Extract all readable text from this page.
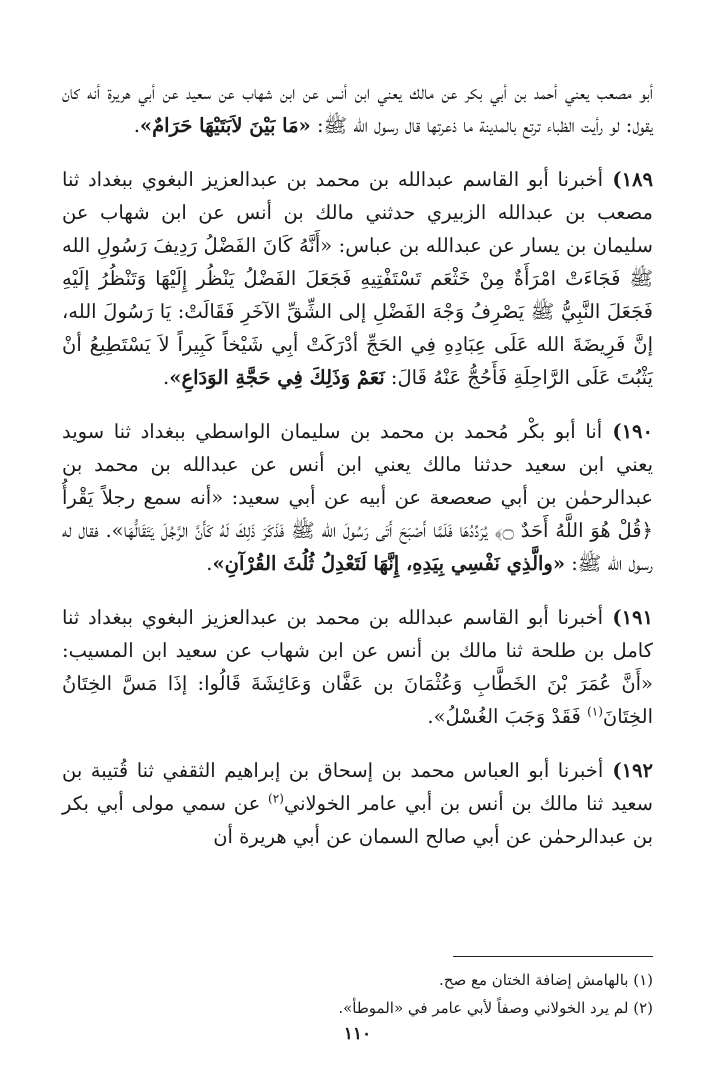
أبو مصعب يعني أحمد بن أبي بكر عن مالك يعني ابن أنس عن ابن شهاب عن سعيد عن أبي هريرة أنه كان يقول: لو رأيت الظباء ترتع بالمدينة ما ذعرتها قال رسول الله ﷺ: «مَا بَيْنَ لاَبَتَيْهَا حَرَامٌ».

١٨٩) أخبرنا أبو القاسم عبدالله بن محمد بن عبدالعزيز البغوي ببغداد ثنا مصعب بن عبدالله الزبيري حدثني مالك بن أنس عن ابن شهاب عن سليمان بن يسار عن عبدالله بن عباس: «أَنَّهُ كَانَ الفَضْلُ رَدِيفَ رَسُولِ الله ﷺ فَجَاءَتْ امْرَأَةٌ مِنْ خَثْعَم تَسْتَفْتِيهِ فَجَعَلَ الفَضْلُ يَنْظُر إِلَيْهَا وَتَنْظُرُ إلَيْهِ فَجَعَلَ النَّبِيُّ ﷺ يَصْرِفُ وَجْهَ الفَضْلِ إلى الشِّقِّ الآخَرِ فَقَالَتْ: يَا رَسُولَ الله، إنَّ فَرِيضَةَ الله عَلَى عِبَادِهِ فِي الحَجِّ أدْرَكَتْ أبِي شَيْخاً كَبِيراً لاَ يَسْتَطِيعُ أنْ يَثْبُتَ عَلَى الرَّاحِلَةِ فَأَحُجُّ عَنْهُ قَالَ: نَعَمْ وَذَلِكَ فِي حَجَّةِ الوَدَاعِ».

١٩٠) أنا أبو بكْر مُحمد بن محمد بن سليمان الواسطي ببغداد ثنا سويد يعني ابن سعيد حدثنا مالك يعني ابن أنس عن عبدالله بن محمد بن عبدالرحمٰن بن أبي صعصعة عن أبيه عن أبي سعيد: «أنه سمع رجلاً يَقْرأُ ﴿قُلْ هُوَ اللَّهُ أَحَدٌ ۝﴾ يُرَدِّدُهَا فَلَمَّا أَصْبَحَ أَتَى رَسُولَ الله ﷺ فَذَكَرَ ذَلِكَ لَهُ كَأَنَّ الرَّجُلَ يَتَقَالُّهَا». فقال له رسول الله ﷺ: «والَّذِي نَفْسِي بِيَدِهِ، إِنَّهَا لَتَعْدِلُ ثُلُثَ القُرْآنِ».

١٩١) أخبرنا أبو القاسم عبدالله بن محمد بن عبدالعزيز البغوي ببغداد ثنا كامل بن طلحة ثنا مالك بن أنس عن ابن شهاب عن سعيد ابن المسيب: «أَنَّ عُمَرَ بْنَ الخَطَّابِ وَعُثْمَانَ بن عَفَّان وَعَائِشَةَ قَالُوا: إذَا مَسَّ الخِتَانُ الخِتَانَ$^{(١)}$ فَقَدْ وَجَبَ الغُسْلُ».

١٩٢) أخبرنا أبو العباس محمد بن إسحاق بن إبراهيم الثقفي ثنا قُتيبة بن سعيد ثنا مالك بن أنس بن أبي عامر الخولاني$^{(٢)}$ عن سمي مولى أبي بكر بن عبدالرحمٰن عن أبي صالح السمان عن أبي هريرة أن

(١) بالهامش إضافة الختان مع صح.

(٢) لم يرد الخولاني وصفاً لأبي عامر في «الموطأ».

١١٠
